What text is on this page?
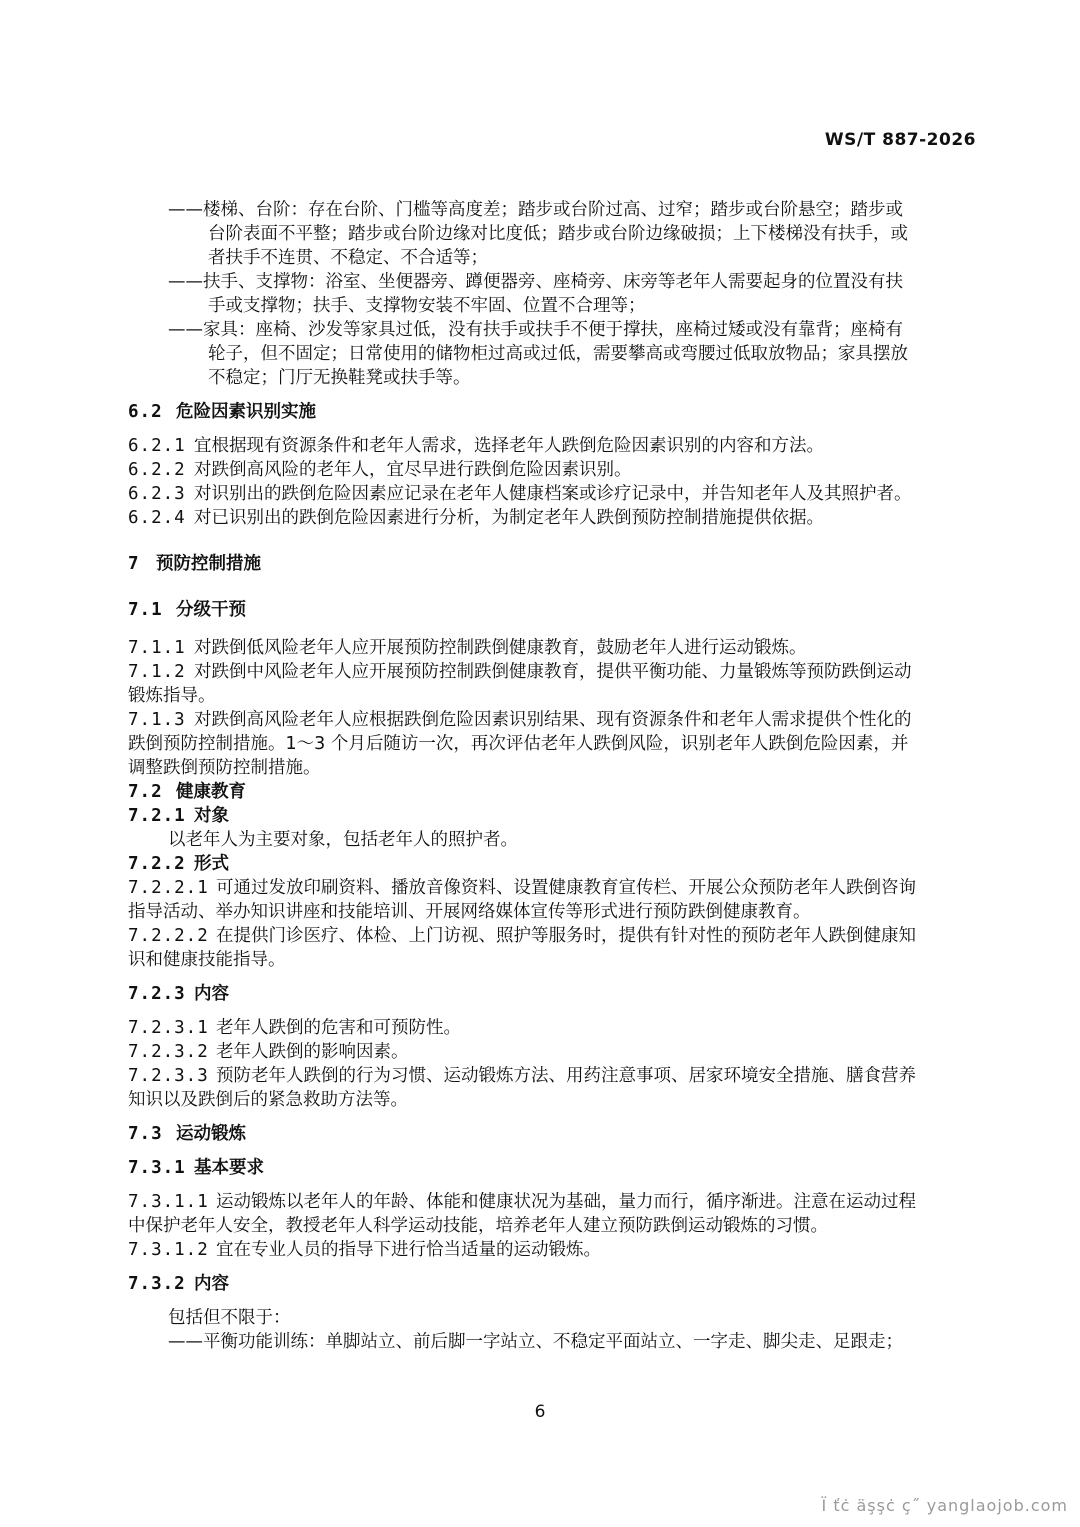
WS/T 887-2026
——楼梯、台阶：存在台阶、门槛等高度差；踏步或台阶过高、过窄；踏步或台阶悬空；踏步或
台阶表面不平整；踏步或台阶边缘对比度低；踏步或台阶边缘破损；上下楼梯没有扶手，或
者扶手不连贯、不稳定、不合适等；
——扶手、支撑物：浴室、坐便器旁、蹲便器旁、座椅旁、床旁等老年人需要起身的位置没有扶
手或支撑物；扶手、支撑物安装不牢固、位置不合理等；
——家具：座椅、沙发等家具过低，没有扶手或扶手不便于撑扶，座椅过矮或没有靠背；座椅有
轮子，但不固定；日常使用的储物柜过高或过低，需要攀高或弯腰过低取放物品；家具摆放
不稳定；门厅无换鞋凳或扶手等。
6.2 危险因素识别实施
6.2.1 宜根据现有资源条件和老年人需求，选择老年人跌倒危险因素识别的内容和方法。
6.2.2 对跌倒高风险的老年人，宜尽早进行跌倒危险因素识别。
6.2.3 对识别出的跌倒危险因素应记录在老年人健康档案或诊疗记录中，并告知老年人及其照护者。
6.2.4 对已识别出的跌倒危险因素进行分析，为制定老年人跌倒预防控制措施提供依据。
7 预防控制措施
7.1 分级干预
7.1.1 对跌倒低风险老年人应开展预防控制跌倒健康教育，鼓励老年人进行运动锻炼。
7.1.2 对跌倒中风险老年人应开展预防控制跌倒健康教育，提供平衡功能、力量锻炼等预防跌倒运动
锻炼指导。
7.1.3 对跌倒高风险老年人应根据跌倒危险因素识别结果、现有资源条件和老年人需求提供个性化的
跌倒预防控制措施。1～3 个月后随访一次，再次评估老年人跌倒风险，识别老年人跌倒危险因素，并
调整跌倒预防控制措施。
7.2 健康教育
7.2.1 对象
以老年人为主要对象，包括老年人的照护者。
7.2.2 形式
7.2.2.1 可通过发放印刷资料、播放音像资料、设置健康教育宣传栏、开展公众预防老年人跌倒咨询
指导活动、举办知识讲座和技能培训、开展网络媒体宣传等形式进行预防跌倒健康教育。
7.2.2.2 在提供门诊医疗、体检、上门访视、照护等服务时，提供有针对性的预防老年人跌倒健康知
识和健康技能指导。
7.2.3 内容
7.2.3.1 老年人跌倒的危害和可预防性。
7.2.3.2 老年人跌倒的影响因素。
7.2.3.3 预防老年人跌倒的行为习惯、运动锻炼方法、用药注意事项、居家环境安全措施、膳食营养
知识以及跌倒后的紧急救助方法等。
7.3 运动锻炼
7.3.1 基本要求
7.3.1.1 运动锻炼以老年人的年龄、体能和健康状况为基础，量力而行，循序渐进。注意在运动过程
中保护老年人安全，教授老年人科学运动技能，培养老年人建立预防跌倒运动锻炼的习惯。
7.3.1.2 宜在专业人员的指导下进行恰当适量的运动锻炼。
7.3.2 内容
包括但不限于：
——平衡功能训练：单脚站立、前后脚一字站立、不稳定平面站立、一字走、脚尖走、足跟走；
6
Ï ťċ äşşċ ç˝ yanglaojob.com
